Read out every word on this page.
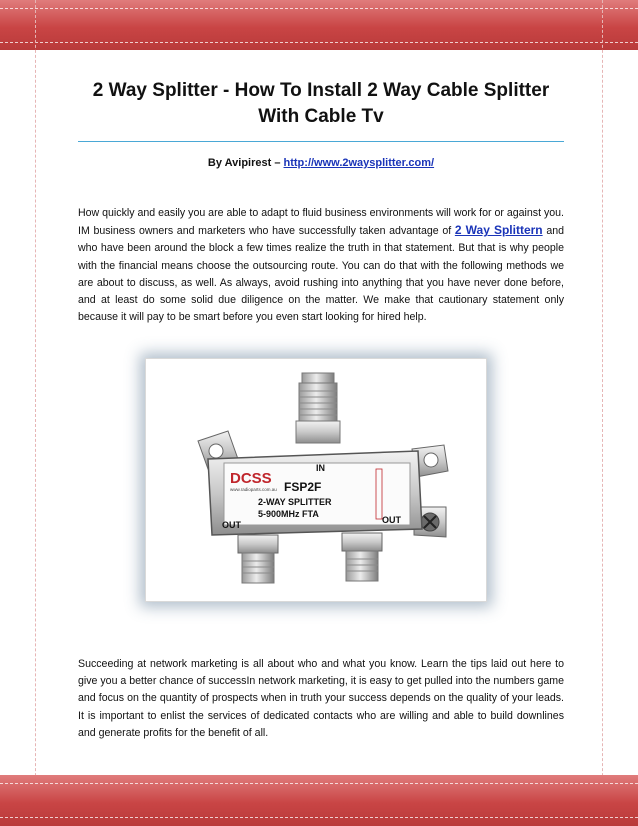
2 Way Splitter - How To Install 2 Way Cable Splitter With Cable Tv
By Avipirest – http://www.2waysplitter.com/
How quickly and easily you are able to adapt to fluid business environments will work for or against you. IM business owners and marketers who have successfully taken advantage of 2 Way Splittern and who have been around the block a few times realize the truth in that statement. But that is why people with the financial means choose the outsourcing route. You can do that with the following methods we are about to discuss, as well. As always, avoid rushing into anything that you have never done before, and at least do some solid due diligence on the matter. We make that cautionary statement only because it will pay to be smart before you even start looking for hired help.
DCSS
www.radioparts.com.au
IN
FSP2F
2-WAY SPLITTER
5-900MHz FTA
OUT	OUT
Succeeding at network marketing is all about who and what you know. Learn the tips laid out here to give you a better chance of successIn network marketing, it is easy to get pulled into the numbers game and focus on the quantity of prospects when in truth your success depends on the quality of your leads. It is important to enlist the services of dedicated contacts who are willing and able to build downlines and generate profits for the benefit of all.
